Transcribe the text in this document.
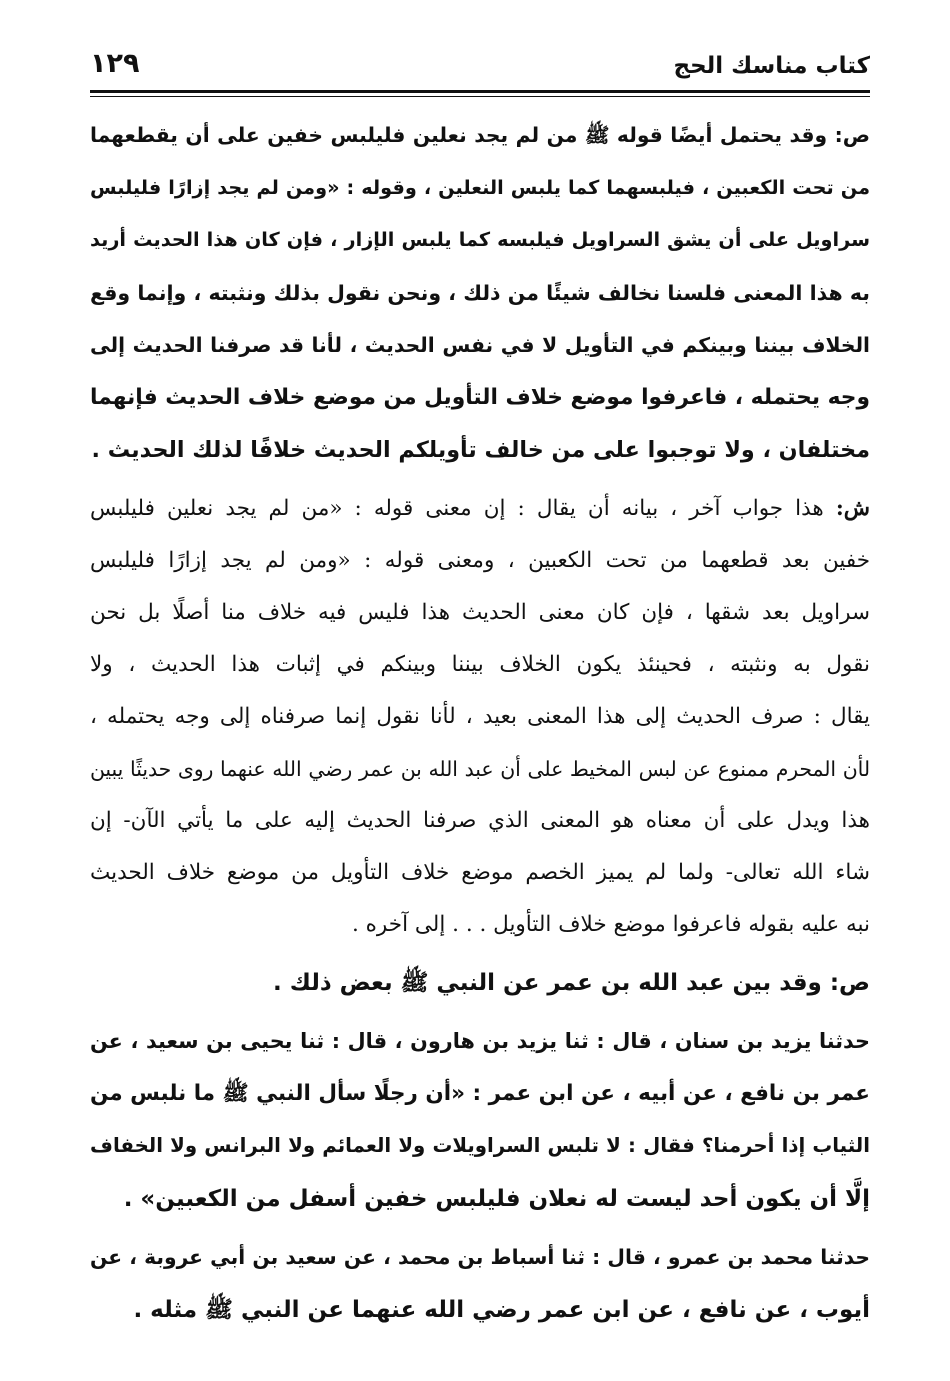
كتاب مناسك الحج
١٢٩
ص: وقد يحتمل أيضًا قوله ﷺ من لم يجد نعلين فليلبس خفين على أن يقطعهما
من تحت الكعبين ، فيلبسهما كما يلبس النعلين ، وقوله : «ومن لم يجد إزارًا فليلبس
سراويل على أن يشق السراويل فيلبسه كما يلبس الإزار ، فإن كان هذا الحديث أريد
به هذا المعنى فلسنا نخالف شيئًا من ذلك ، ونحن نقول بذلك ونثبته ، وإنما وقع
الخلاف بيننا وبينكم في التأويل لا في نفس الحديث ، لأنا قد صرفنا الحديث إلى
وجه يحتمله ، فاعرفوا موضع خلاف التأويل من موضع خلاف الحديث فإنهما
مختلفان ، ولا توجبوا على من خالف تأويلكم الحديث خلافًا لذلك الحديث .
ش: هذا جواب آخر ، بيانه أن يقال : إن معنى قوله : «من لم يجد نعلين فليلبس
خفين بعد قطعهما من تحت الكعبين ، ومعنى قوله : «ومن لم يجد إزارًا فليلبس
سراويل بعد شقها ، فإن كان معنى الحديث هذا فليس فيه خلاف منا أصلًا بل نحن
نقول به ونثبته ، فحينئذ يكون الخلاف بيننا وبينكم في إثبات هذا الحديث ، ولا
يقال : صرف الحديث إلى هذا المعنى بعيد ، لأنا نقول إنما صرفناه إلى وجه يحتمله ،
لأن المحرم ممنوع عن لبس المخيط على أن عبد الله بن عمر رضي الله عنهما روى حديثًا يبين
هذا ويدل على أن معناه هو المعنى الذي صرفنا الحديث إليه على ما يأتي الآن- إن
شاء الله تعالى- ولما لم يميز الخصم موضع خلاف التأويل من موضع خلاف الحديث
نبه عليه بقوله فاعرفوا موضع خلاف التأويل . . . إلى آخره .
ص: وقد بين عبد الله بن عمر عن النبي ﷺ بعض ذلك .
حدثنا يزيد بن سنان ، قال : ثنا يزيد بن هارون ، قال : ثنا يحيى بن سعيد ، عن
عمر بن نافع ، عن أبيه ، عن ابن عمر : «أن رجلًا سأل النبي ﷺ ما نلبس من
الثياب إذا أحرمنا؟ فقال : لا تلبس السراويلات ولا العمائم ولا البرانس ولا الخفاف
إلَّا أن يكون أحد ليست له نعلان فليلبس خفين أسفل من الكعبين» .
حدثنا محمد بن عمرو ، قال : ثنا أسباط بن محمد ، عن سعيد بن أبي عروبة ، عن
أيوب ، عن نافع ، عن ابن عمر رضي الله عنهما عن النبي ﷺ مثله .
